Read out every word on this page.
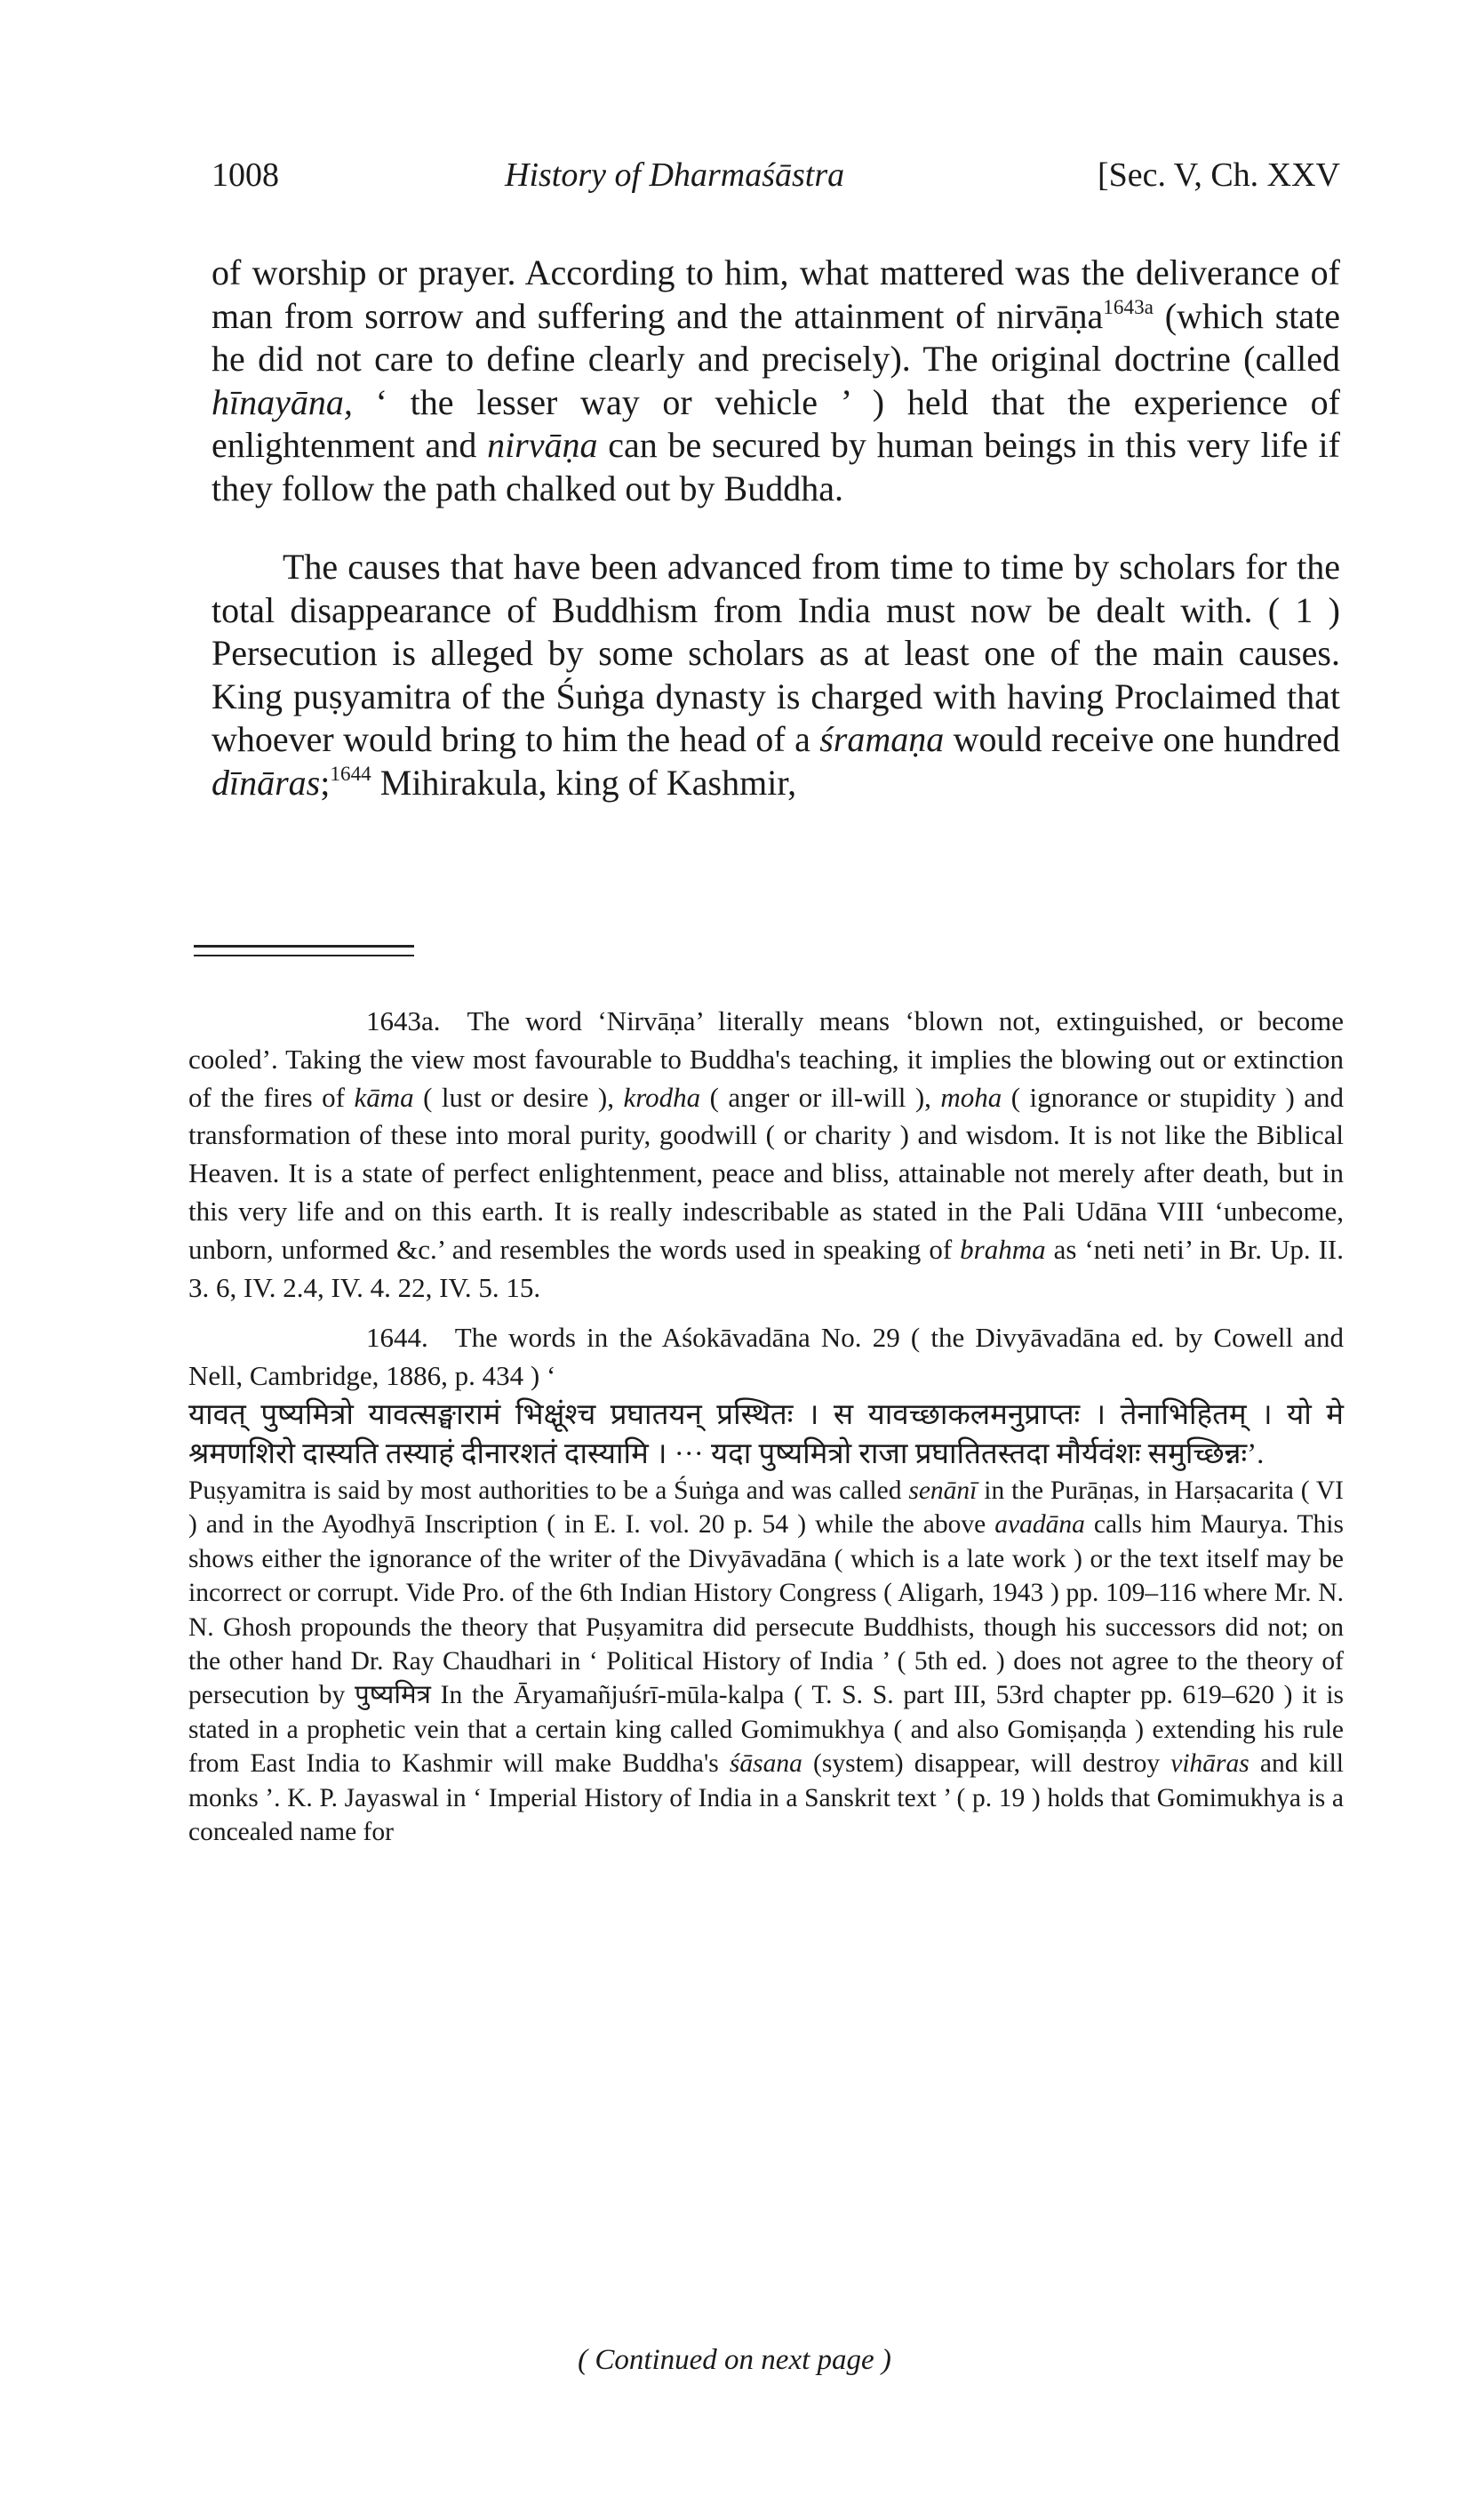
1008	History of Dharmaśāstra	[Sec. V, Ch. XXV

of worship or prayer. According to him, what mattered was the deliverance of man from sorrow and suffering and the attainment of nirvāṇa$^{1643a}$ (which state he did not care to define clearly and precisely). The original doctrine (called hīnayāna, ‘ the lesser way or vehicle ’ ) held that the experience of enlightenment and nirvāṇa can be secured by human beings in this very life if they follow the path chalked out by Buddha.

The causes that have been advanced from time to time by scholars for the total disappearance of Buddhism from India must now be dealt with. ( 1 ) Persecution is alleged by some scholars as at least one of the main causes. King puṣyamitra of the Śuṅga dynasty is charged with having Proclaimed that whoever would bring to him the head of a śramaṇa would receive one hundred dīnāras;$^{1644}$ Mihirakula, king of Kashmir,

1643a. The word ‘Nirvāṇa’ literally means ‘blown not, extinguished, or become cooled’. Taking the view most favourable to Buddha's teaching, it implies the blowing out or extinction of the fires of kāma ( lust or desire ), krodha ( anger or ill-will ), moha ( ignorance or stupidity ) and transformation of these into moral purity, goodwill ( or charity ) and wisdom. It is not like the Biblical Heaven. It is a state of perfect enlightenment, peace and bliss, attainable not merely after death, but in this very life and on this earth. It is really indescribable as stated in the Pali Udāna VIII ‘unbecome, unborn, unformed &c.’ and resembles the words used in speaking of brahma as ‘neti neti’ in Br. Up. II. 3. 6, IV. 2.4, IV. 4. 22, IV. 5. 15.

1644. The words in the Aśokāvadāna No. 29 ( the Divyāvadāna ed. by Cowell and Nell, Cambridge, 1886, p. 434 ) ‘
यावत् पुष्यमित्रो यावत्सङ्घारामं भिक्षूंश्च प्रघातयन् प्रस्थितः । स यावच्छाकलमनुप्राप्तः । तेनाभिहितम् । यो मे श्रमणशिरो दास्यति तस्याहं दीनारशतं दास्यामि । ··· यदा पुष्यमित्रो राजा प्रघातितस्तदा मौर्यवंशः समुच्छिन्नः’.
Puṣyamitra is said by most authorities to be a Śuṅga and was called senānī in the Purāṇas, in Harṣacarita ( VI ) and in the Ayodhyā Inscription ( in E. I. vol. 20 p. 54 ) while the above avadāna calls him Maurya. This shows either the ignorance of the writer of the Divyāvadāna ( which is a late work ) or the text itself may be incorrect or corrupt. Vide Pro. of the 6th Indian History Congress ( Aligarh, 1943 ) pp. 109–116 where Mr. N. N. Ghosh propounds the theory that Puṣyamitra did persecute Buddhists, though his successors did not; on the other hand Dr. Ray Chaudhari in ‘ Political History of India ’ ( 5th ed. ) does not agree to the theory of persecution by पुष्यमित्र In the Āryamañjuśrī-mūla-kalpa ( T. S. S. part III, 53rd chapter pp. 619–620 ) it is stated in a prophetic vein that a certain king called Gomimukhya ( and also Gomiṣaṇḍa ) extending his rule from East India to Kashmir will make Buddha's śāsana (system) disappear, will destroy vihāras and kill monks ’. K. P. Jayaswal in ‘ Imperial History of India in a Sanskrit text ’ ( p. 19 ) holds that Gomimukhya is a concealed name for

( Continued on next page )
